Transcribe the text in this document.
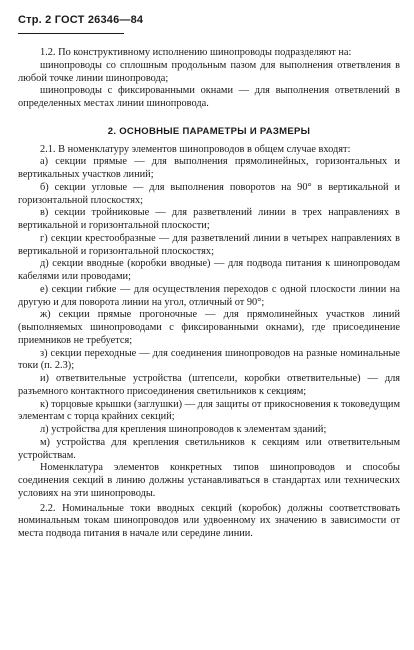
Стр. 2 ГОСТ 26346—84

1.2. По конструктивному исполнению шинопроводы подразделяют на:

шинопроводы со сплошным продольным пазом для выполнения ответвления в любой точке линии шинопровода;

шинопроводы с фиксированными окнами — для выполнения ответвлений в определенных местах линии шинопровода.

2. ОСНОВНЫЕ ПАРАМЕТРЫ И РАЗМЕРЫ

2.1. В номенклатуру элементов шинопроводов в общем случае входят:

а) секции прямые — для выполнения прямолинейных, горизонтальных и вертикальных участков линий;

б) секции угловые — для выполнения поворотов на 90° в вертикальной и горизонтальной плоскостях;

в) секции тройниковые — для разветвлений линии в трех направлениях в вертикальной и горизонтальной плоскости;

г) секции крестообразные — для разветвлений линии в четырех направлениях в вертикальной и горизонтальной плоскостях;

д) секции вводные (коробки вводные) — для подвода питания к шинопроводам кабелями или проводами;

е) секции гибкие — для осуществления переходов с одной плоскости линии на другую и для поворота линии на угол, отличный от 90°;

ж) секции прямые прогоночные — для прямолинейных участков линий (выполняемых шинопроводами с фиксированными окнами), где присоединение приемников не требуется;

з) секции переходные — для соединения шинопроводов на разные номинальные токи (п. 2.3);

и) ответвительные устройства (штепсели, коробки ответвительные) — для разъемного контактного присоединения светильников к секциям;

к) торцовые крышки (заглушки) — для защиты от прикосновения к токоведущим элементам с торца крайних секций;

л) устройства для крепления шинопроводов к элементам зданий;

м) устройства для крепления светильников к секциям или ответвительным устройствам.

Номенклатура элементов конкретных типов шинопроводов и способы соединения секций в линию должны устанавливаться в стандартах или технических условиях на эти шинопроводы.

2.2. Номинальные токи вводных секций (коробок) должны соответствовать номинальным токам шинопроводов или удвоенному их значению в зависимости от места подвода питания в начале или середине линии.
